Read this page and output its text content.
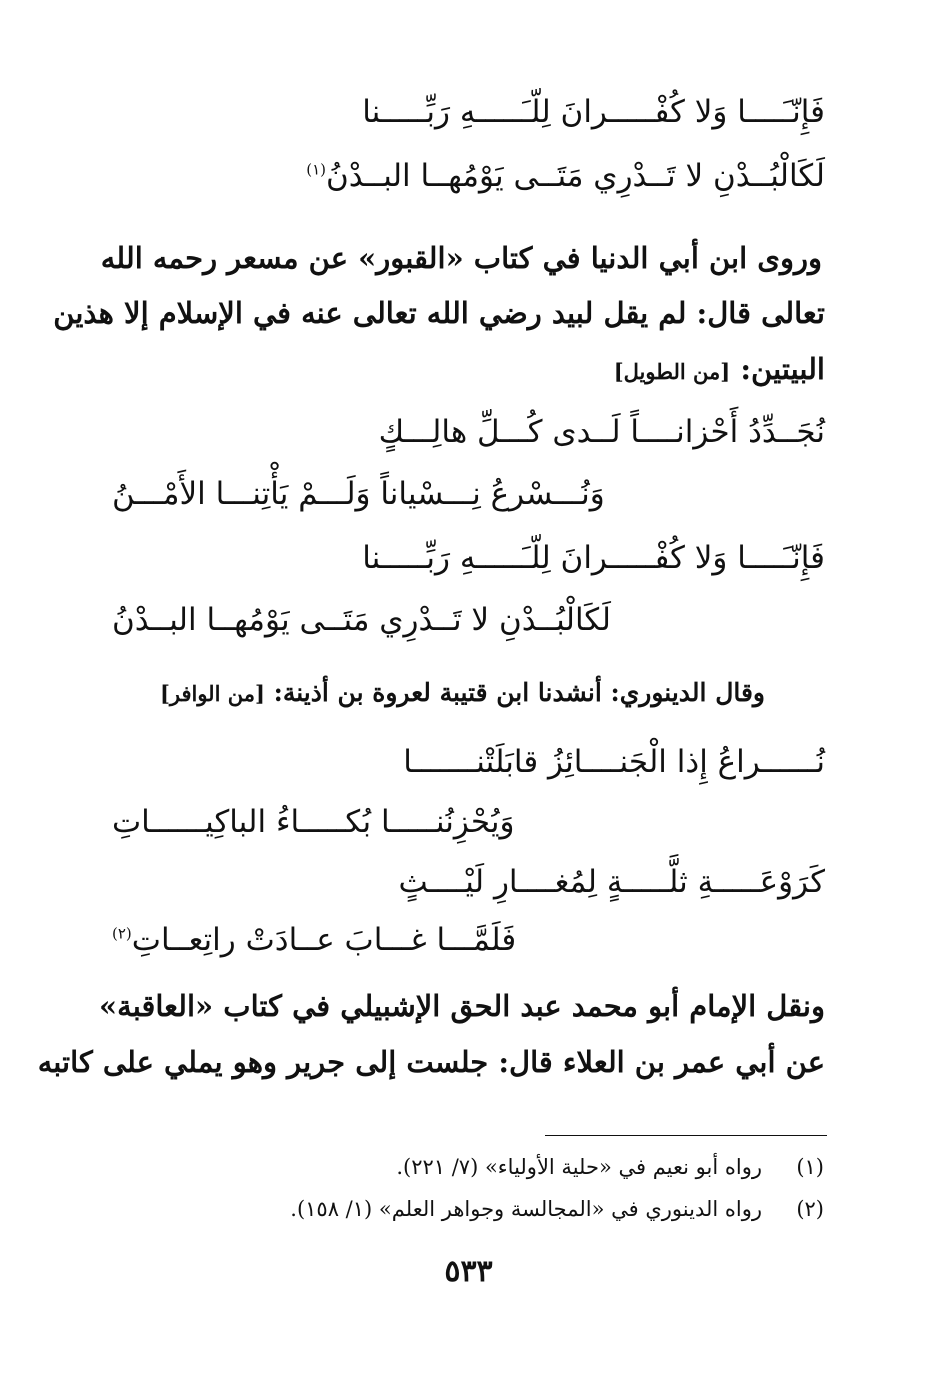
فَإِنّـَــــا وَلا كُفْـــــرانَ لِلّـَـــــهِ رَبِّـــــنا
لَكَالْبُــدْنِ لا تَــدْرِي مَتَــى يَوْمُهــا البــدْنُ$^{(١)}$
وروى ابن أبي الدنيا في كتاب «القبور» عن مسعر رحمه الله
تعالى قال: لم يقل لبيد رضي الله تعالى عنه في الإسلام إلا هذين
البيتين: [من الطويل]
نُجَــدِّدُ أَحْزانــــاً لَــدى كُـــلِّ هالِـــكٍ
وَنُـــسْرعُ نِـــسْياناً وَلَـــمْ يَأْتِنـــا الأَمْـــنُ
فَإِنّـَــــا وَلا كُفْـــــرانَ لِلّـَـــــهِ رَبِّـــــنا
لَكَالْبُــدْنِ لا تَــدْرِي مَتَــى يَوْمُهــا البــدْنُ
وقال الدينوري: أنشدنا ابن قتيبة لعروة بن أذينة: [من الوافر]
نُــــــراعُ إِذا الْجَنــــائِزُ قابَلَتْنـــــــا
وَيُحْزِنُنـــــا بُكـــــاءُ الباكِيــــــاتِ
كَرَوْعَـــــةِ ثلَّـــــةٍ لِمُغــــارِ لَيْــــثٍ
فَلَمَّـــا غـــابَ عــادَتْ راتِعــاتِ$^{(٢)}$
ونقل الإمام أبو محمد عبد الحق الإشبيلي في كتاب «العاقبة»
عن أبي عمر بن العلاء قال: جلست إلى جرير وهو يملي على كاتبه
(١)رواه أبو نعيم في «حلية الأولياء» (٧/ ٢٢١).
(٢)رواه الدينوري في «المجالسة وجواهر العلم» (١/ ١٥٨).
٥٣٣
